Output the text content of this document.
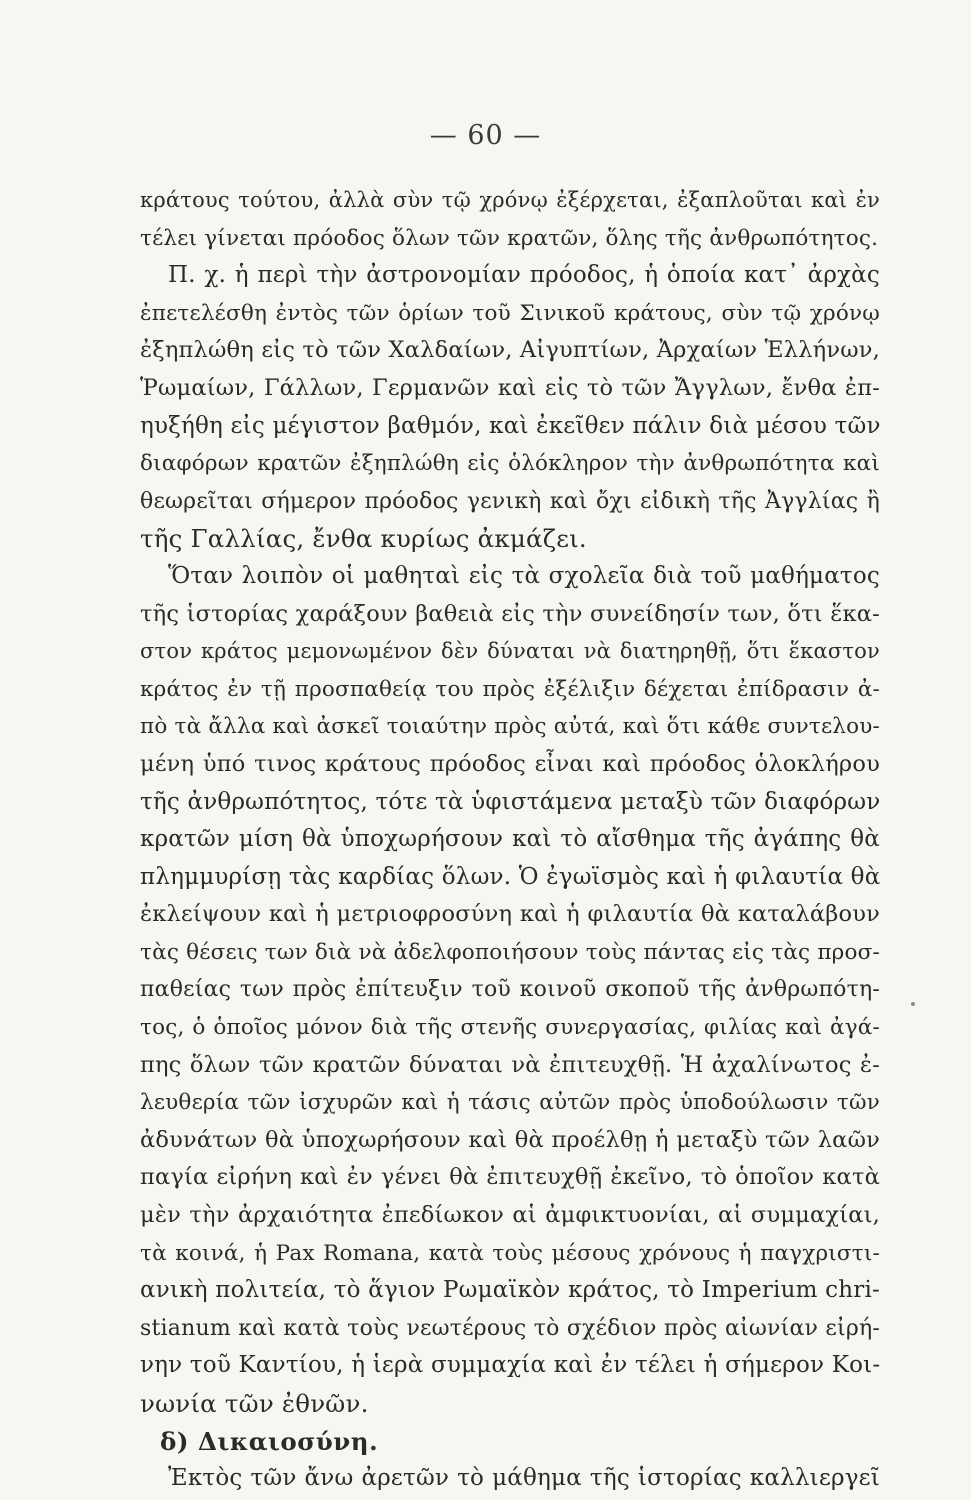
— 60 —
κράτους τούτου, ἀλλὰ σὺν τῷ χρόνῳ ἐξέρχεται, ἐξαπλοῦται καὶ ἐν
τέλει γίνεται πρόοδος ὅλων τῶν κρατῶν, ὅλης τῆς ἀνθρωπότητος.
Π. χ. ἡ περὶ τὴν ἀστρονομίαν πρόοδος, ἡ ὁποία κατ᾽ ἀρχὰς
ἐπετελέσθη ἐντὸς τῶν ὁρίων τοῦ Σινικοῦ κράτους, σὺν τῷ χρόνῳ
ἐξηπλώθη εἰς τὸ τῶν Χαλδαίων, Αἰγυπτίων, Ἀρχαίων Ἑλλήνων,
Ῥωμαίων, Γάλλων, Γερμανῶν καὶ εἰς τὸ τῶν Ἄγγλων, ἔνθα ἐπ-
ηυξήθη εἰς μέγιστον βαθμόν, καὶ ἐκεῖθεν πάλιν διὰ μέσου τῶν
διαφόρων κρατῶν ἐξηπλώθη εἰς ὁλόκληρον τὴν ἀνθρωπότητα καὶ
θεωρεῖται σήμερον πρόοδος γενικὴ καὶ ὄχι εἰδικὴ τῆς Ἀγγλίας ἢ
τῆς Γαλλίας, ἔνθα κυρίως ἀκμάζει.
Ὅταν λοιπὸν οἱ μαθηταὶ εἰς τὰ σχολεῖα διὰ τοῦ μαθήματος
τῆς ἱστορίας χαράξουν βαθειὰ εἰς τὴν συνείδησίν των, ὅτι ἕκα-
στον κράτος μεμονωμένον δὲν δύναται νὰ διατηρηθῇ, ὅτι ἕκαστον
κράτος ἐν τῇ προσπαθείᾳ του πρὸς ἐξέλιξιν δέχεται ἐπίδρασιν ἀ-
πὸ τὰ ἄλλα καὶ ἀσκεῖ τοιαύτην πρὸς αὐτά, καὶ ὅτι κάθε συντελου-
μένη ὑπό τινος κράτους πρόοδος εἶναι καὶ πρόοδος ὁλοκλήρου
τῆς ἀνθρωπότητος, τότε τὰ ὑφιστάμενα μεταξὺ τῶν διαφόρων
κρατῶν μίση θὰ ὑποχωρήσουν καὶ τὸ αἴσθημα τῆς ἀγάπης θὰ
πλημμυρίσῃ τὰς καρδίας ὅλων. Ὁ ἐγωϊσμὸς καὶ ἡ φιλαυτία θὰ
ἐκλείψουν καὶ ἡ μετριοφροσύνη καὶ ἡ φιλαυτία θὰ καταλάβουν
τὰς θέσεις των διὰ νὰ ἀδελφοποιήσουν τοὺς πάντας εἰς τὰς προσ-
παθείας των πρὸς ἐπίτευξιν τοῦ κοινοῦ σκοποῦ τῆς ἀνθρωπότη-
τος, ὁ ὁποῖος μόνον διὰ τῆς στενῆς συνεργασίας, φιλίας καὶ ἀγά-
πης ὅλων τῶν κρατῶν δύναται νὰ ἐπιτευχθῇ. Ἡ ἀχαλίνωτος ἐ-
λευθερία τῶν ἰσχυρῶν καὶ ἡ τάσις αὐτῶν πρὸς ὑποδούλωσιν τῶν
ἀδυνάτων θὰ ὑποχωρήσουν καὶ θὰ προέλθῃ ἡ μεταξὺ τῶν λαῶν
παγία εἰρήνη καὶ ἐν γένει θὰ ἐπιτευχθῇ ἐκεῖνο, τὸ ὁποῖον κατὰ
μὲν τὴν ἀρχαιότητα ἐπεδίωκον αἱ ἀμφικτυονίαι, αἱ συμμαχίαι,
τὰ κοινά, ἡ Pax Romana, κατὰ τοὺς μέσους χρόνους ἡ παγχριστι-
ανικὴ πολιτεία, τὸ ἅγιον Ρωμαϊκὸν κράτος, τὸ Imperium chri-
stianum καὶ κατὰ τοὺς νεωτέρους τὸ σχέδιον πρὸς αἰωνίαν εἰρή-
νην τοῦ Καντίου, ἡ ἱερὰ συμμαχία καὶ ἐν τέλει ἡ σήμερον Κοι-
νωνία τῶν ἐθνῶν.
δ) Δικαιοσύνη.
Ἐκτὸς τῶν ἄνω ἀρετῶν τὸ μάθημα τῆς ἱστορίας καλλιεργεῖ
